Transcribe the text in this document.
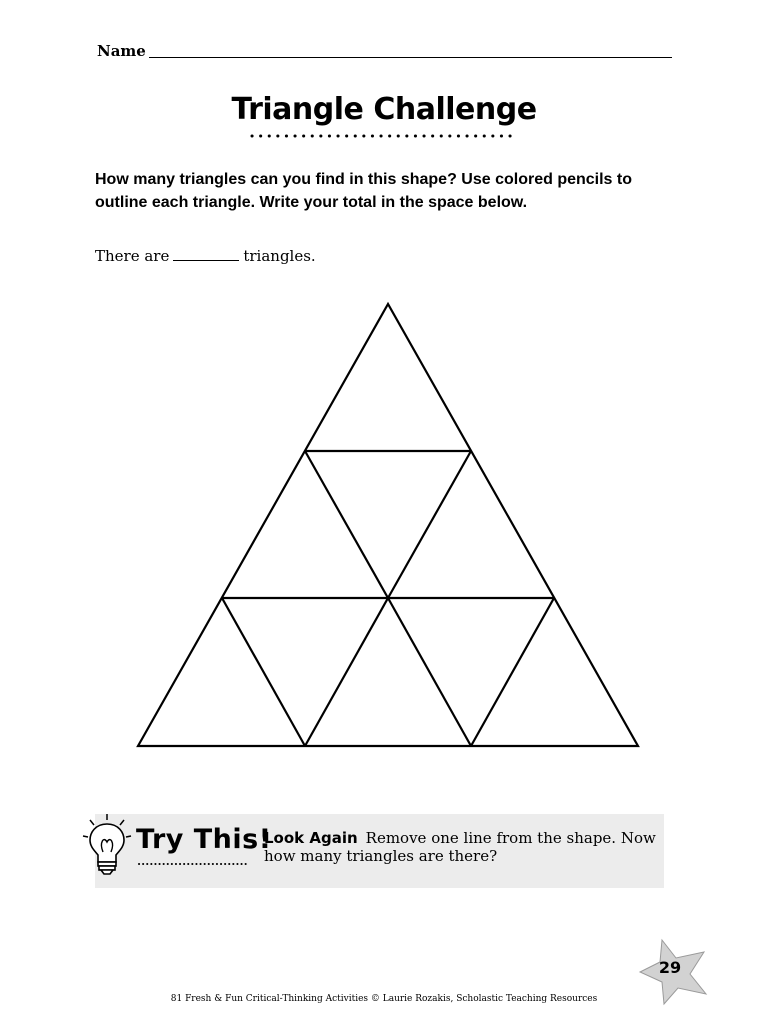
Name
Triangle Challenge
How many triangles can you find in this shape? Use colored pencils to outline each triangle. Write your total in the space below.
There are	triangles.
Try This!
Look Again Remove one line from the shape. Now how many triangles are there?
29
81 Fresh & Fun Critical-Thinking Activities © Laurie Rozakis, Scholastic Teaching Resources
